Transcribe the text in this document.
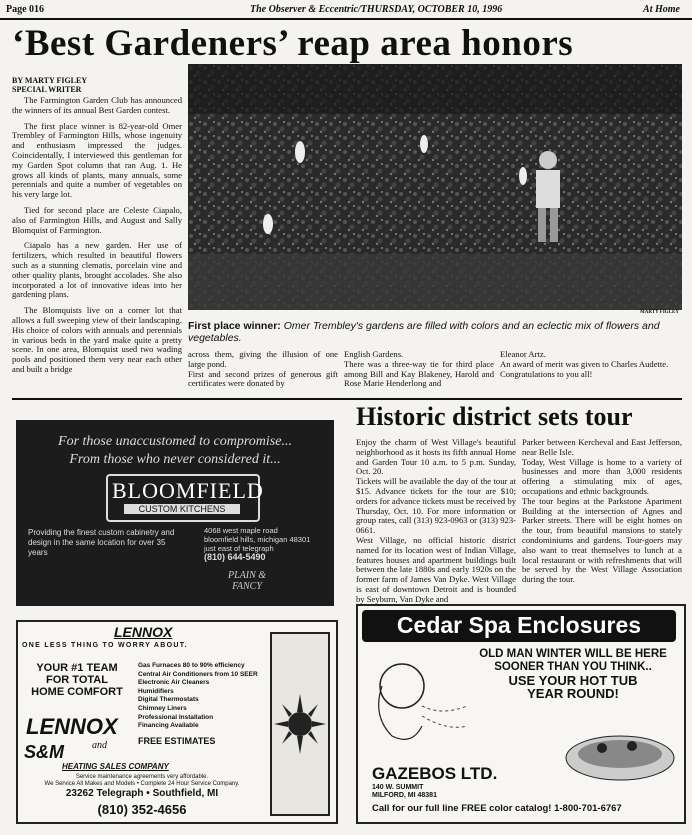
Page 016	The Observer & Eccentric/THURSDAY, OCTOBER 10, 1996	At Home
‘Best Gardeners’ reap area honors
BY MARTY FIGLEY
SPECIAL WRITER

The Farmington Garden Club has announced the winners of its annual Best Garden contest.

The first place winner is 82-year-old Omer Trembley of Farmington Hills, whose ingenuity and enthusiasm impressed the judges. Coincidentally, I interviewed this gentleman for my Garden Spot column that ran Aug. 1. He grows all kinds of plants, many annuals, some perennials and quite a number of vegetables on his very large lot.

Tied for second place are Celeste Ciapalo, also of Farmington Hills, and August and Sally Blomquist of Farmington.

Ciapalo has a new garden. Her use of fertilizers, which resulted in beautiful flowers such as a stunning clematis, porcelain vine and other quality plants, brought accolades. She also incorporated a lot of innovative ideas into her gardening plans.

The Blomquists live on a corner lot that allows a full sweeping view of their landscaping. His choice of colors with annuals and perennials in various beds in the yard make quite a pretty scene. In one area, Blomquist used two wading pools and positioned them very near each other and built a bridge

MARTY FIGLEY
First place winner: Omer Trembley's gardens are filled with colors and an eclectic mix of flowers and vegetables.
across them, giving the illusion of one large pond.
First and second prizes of generous gift certificates were donated by
English Gardens.
There was a three-way tie for third place among Bill and Kay Blakeney, Harold and Rose Marie Henderlong and
Eleanor Artz.
An award of merit was given to Charles Audette.
Congratulations to you all!
Historic district sets tour
Enjoy the charm of West Village's beautiful neighborhood as it hosts its fifth annual Home and Garden Tour 10 a.m. to 5 p.m. Sunday, Oct. 20.
Tickets will be available the day of the tour at $15. Advance tickets for the tour are $10; orders for advance tickets must be received by Thursday, Oct. 10. For more information or group rates, call (313) 923-0963 or (313) 923-0661.
West Village, no official historic district named for its location west of Indian Village, features houses and apartment buildings built between the late 1880s and early 1920s on the former farm of James Van Dyke. West Village is east of downtown Detroit and is bounded by Seyburn, Van Dyke and
Parker between Kercheval and East Jefferson, near Belle Isle.
Today, West Village is home to a variety of businesses and more than 3,000 residents offering a stimulating mix of ages, occupations and ethnic backgrounds.
The tour begins at the Parkstone Apartment Building at the intersection of Agnes and Parker streets. There will be eight homes on the tour, from beautiful mansions to stately condominiums and gardens. Tour-goers may also want to treat themselves to lunch at a local restaurant or with refreshments that will be served by the West Village Association during the tour.
For those unaccustomed to compromise...
From those who never considered it...
BLOOMFIELD
CUSTOM KITCHENS
Providing the finest custom cabinetry and design in the same location for over 35 years
4068 west maple road
bloomfield hills, michigan 48301
just east of telegraph
(810) 644-5490
PLAIN & FANCY
LENNOX
ONE LESS THING TO WORRY ABOUT.
YOUR #1 TEAM
FOR TOTAL
HOME COMFORT
Gas Furnaces 80 to 90% efficiency
Central Air Conditioners from 10 SEER
Electronic Air Cleaners
Humidifiers
Digital Thermostats
Chimney Liners
Professional Installation
Financing Available
FREE ESTIMATES
LENNOX
and
S&M
HEATING SALES COMPANY
Service maintenance agreements very affordable.
We Service All Makes and Models • Complete 24 Hour Service Company.
23262 Telegraph • Southfield, MI
(810) 352-4656
Cedar Spa Enclosures
OLD MAN WINTER WILL BE HERE
SOONER THAN YOU THINK..
USE YOUR HOT TUB
YEAR ROUND!
GAZEBOS LTD.
140 W. SUMMIT
MILFORD, MI 48381
Call for our full line FREE color catalog! 1-800-701-6767
